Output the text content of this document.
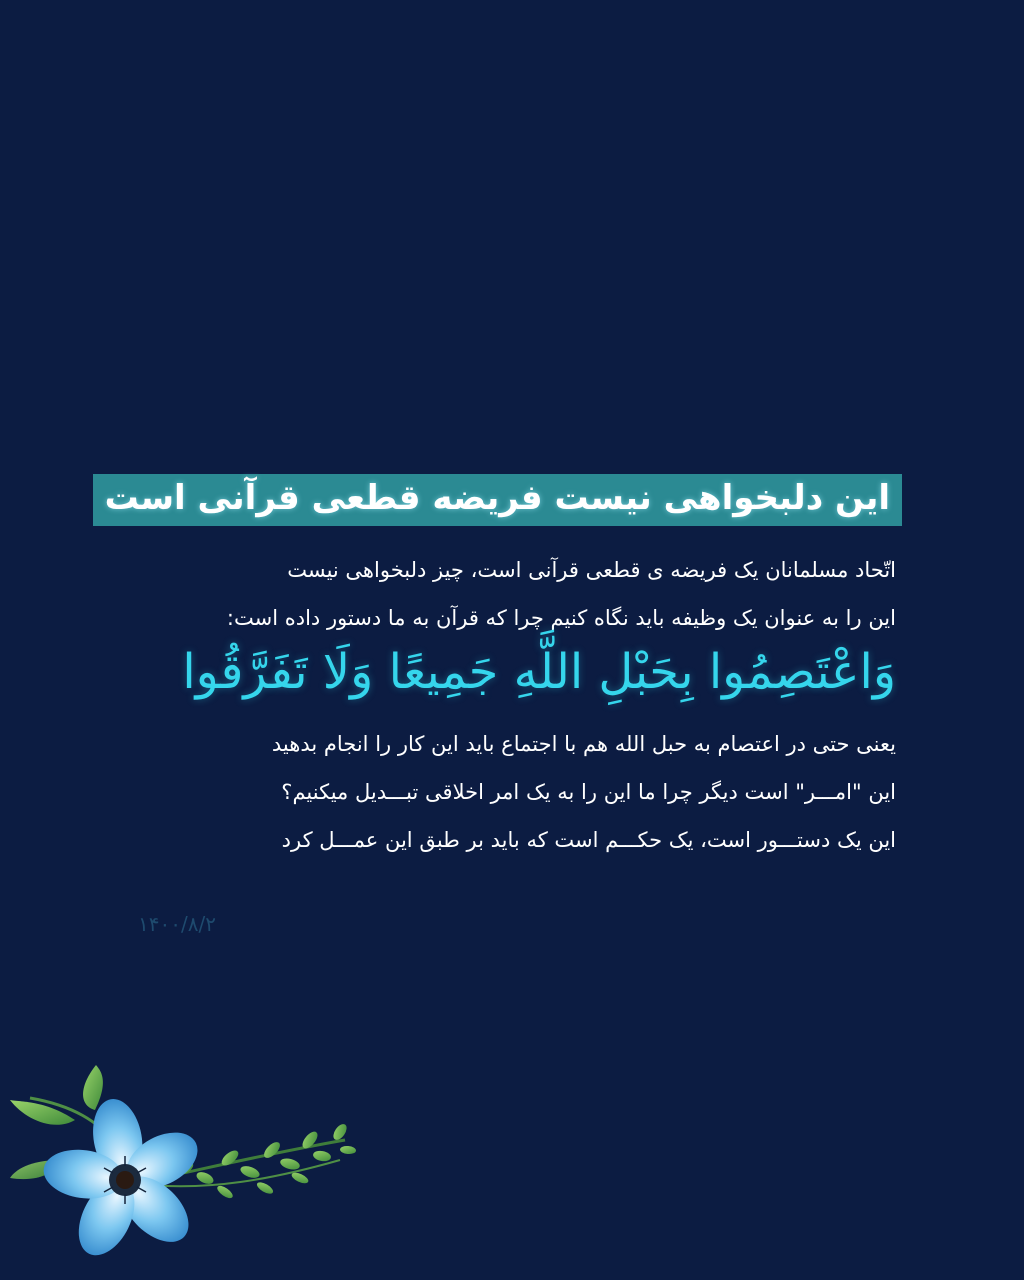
این دلبخواهی نیست فریضه قطعی قرآنی است
اتّحاد مسلمانان یک فریضه ی قطعی قرآنی است، چیز دلبخواهی نیست
این را به عنوان یک وظیفه باید نگاه کنیم چرا که قرآن به ما دستور داده است:
وَاعْتَصِمُوا بِحَبْلِ اللَّهِ جَمِيعًا وَلَا تَفَرَّقُوا
یعنی حتی در اعتصام به حبل الله هم با اجتماع باید این کار را انجام بدهید
این "امـــر" است دیگر چرا ما این را به یک امر اخلاقی تبـــدیل میکنیم؟
این یک دستـــور است، یک حکـــم است که باید بر طبق این عمـــل کرد
۱۴۰۰/۸/۲
